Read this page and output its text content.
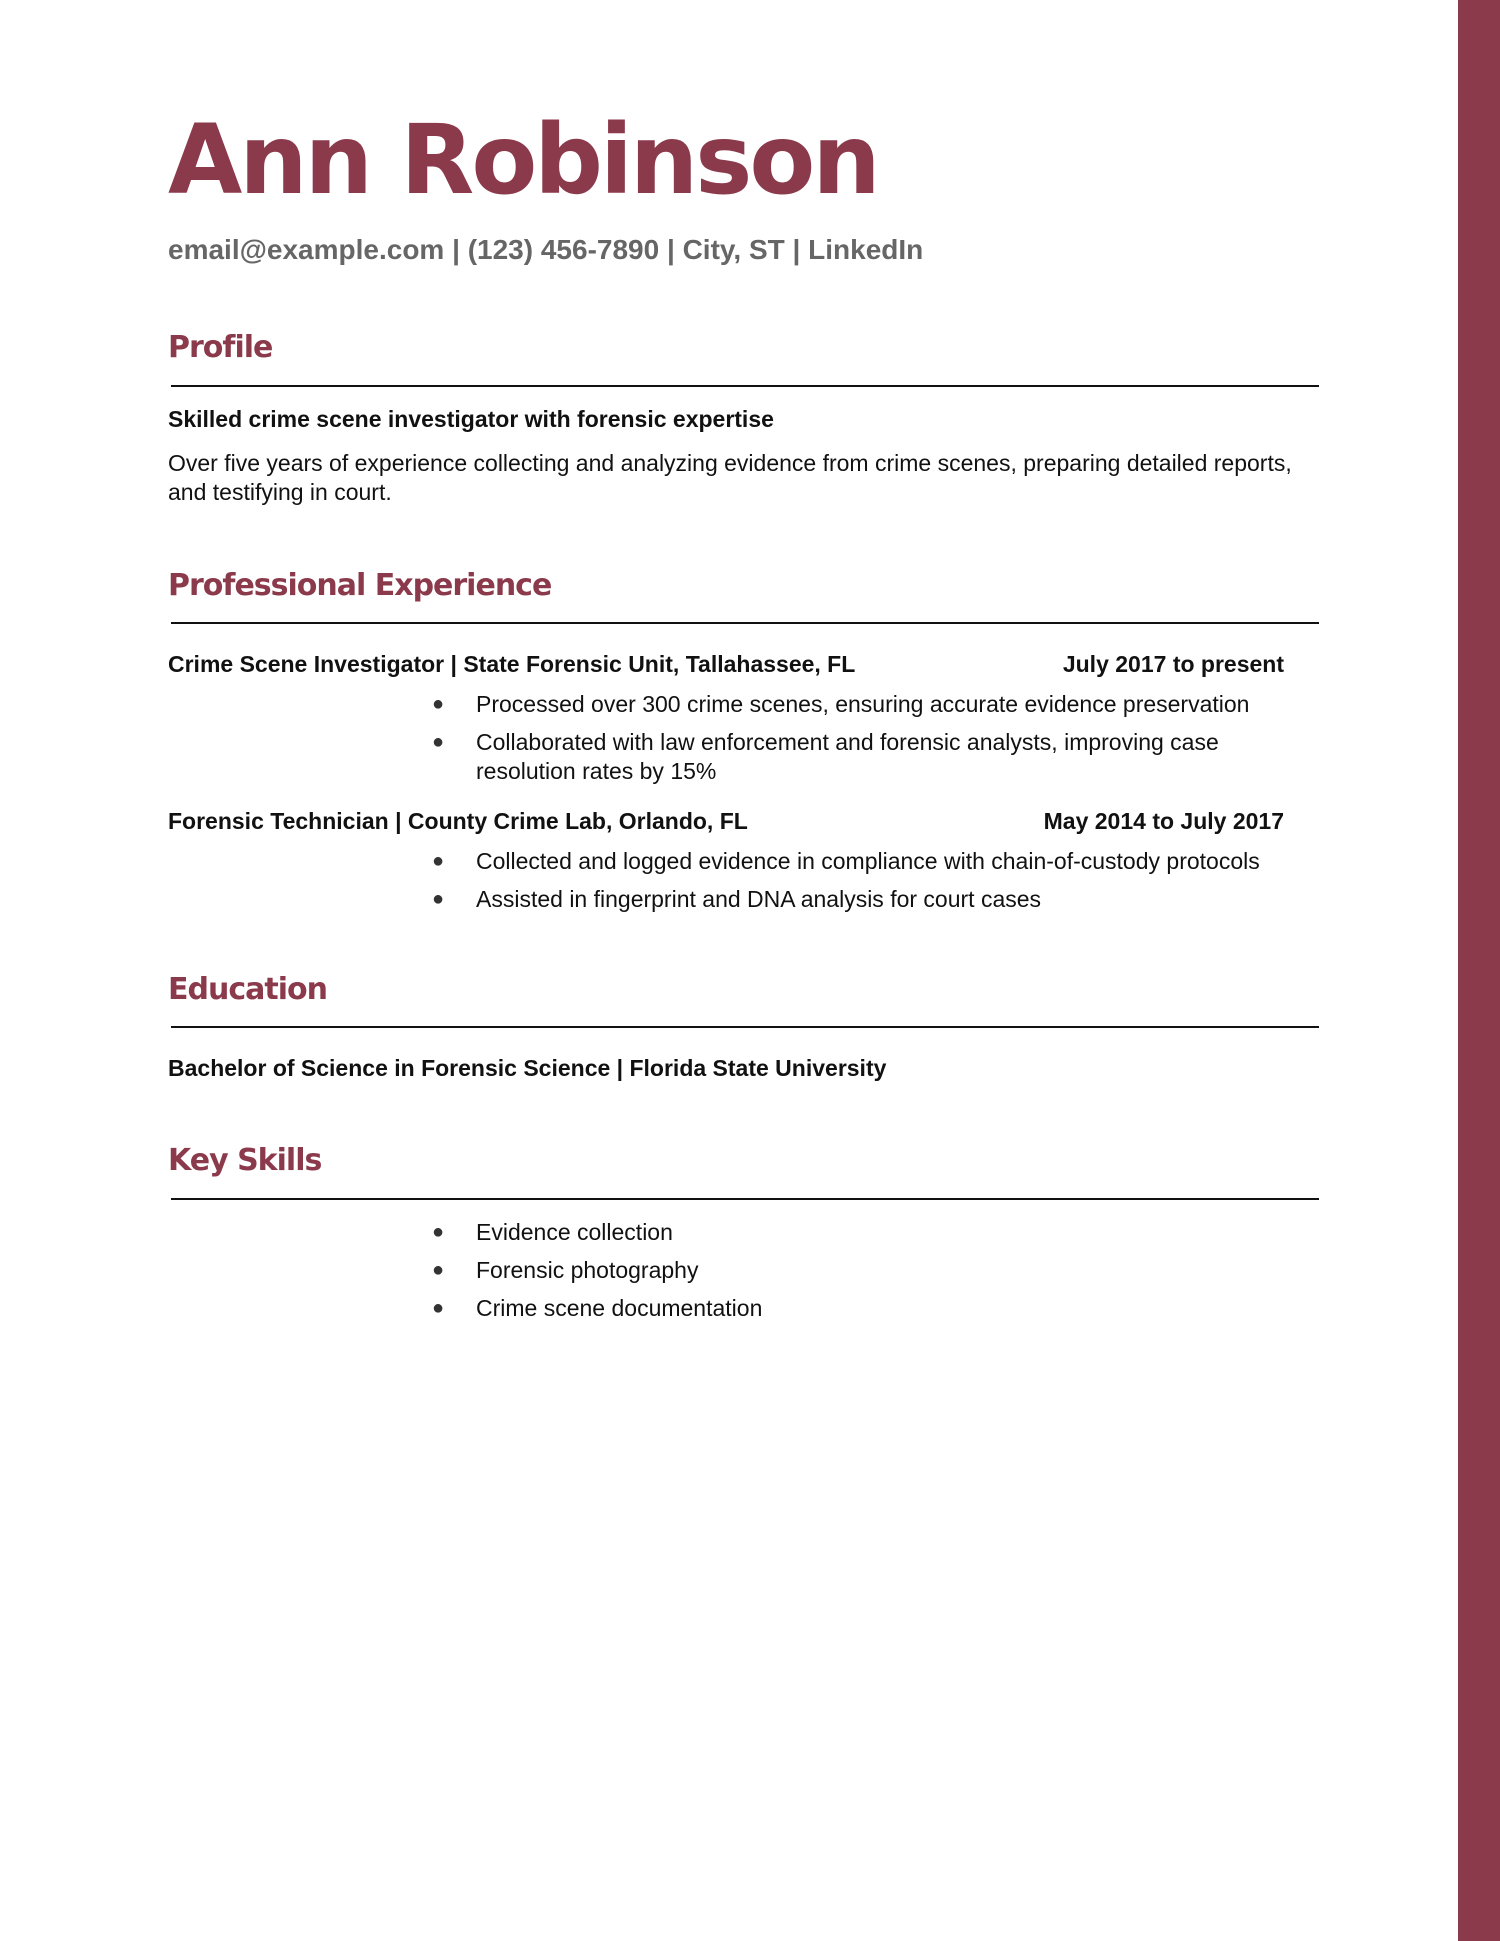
Ann Robinson
email@example.com | (123) 456-7890 | City, ST | LinkedIn
Profile
Skilled crime scene investigator with forensic expertise
Over five years of experience collecting and analyzing evidence from crime scenes, preparing detailed reports, and testifying in court.
Professional Experience
Crime Scene Investigator | State Forensic Unit, Tallahassee, FL	July 2017 to present
● Processed over 300 crime scenes, ensuring accurate evidence preservation
● Collaborated with law enforcement and forensic analysts, improving case resolution rates by 15%
Forensic Technician | County Crime Lab, Orlando, FL	May 2014 to July 2017
● Collected and logged evidence in compliance with chain-of-custody protocols
● Assisted in fingerprint and DNA analysis for court cases
Education
Bachelor of Science in Forensic Science | Florida State University
Key Skills
● Evidence collection
● Forensic photography
● Crime scene documentation
